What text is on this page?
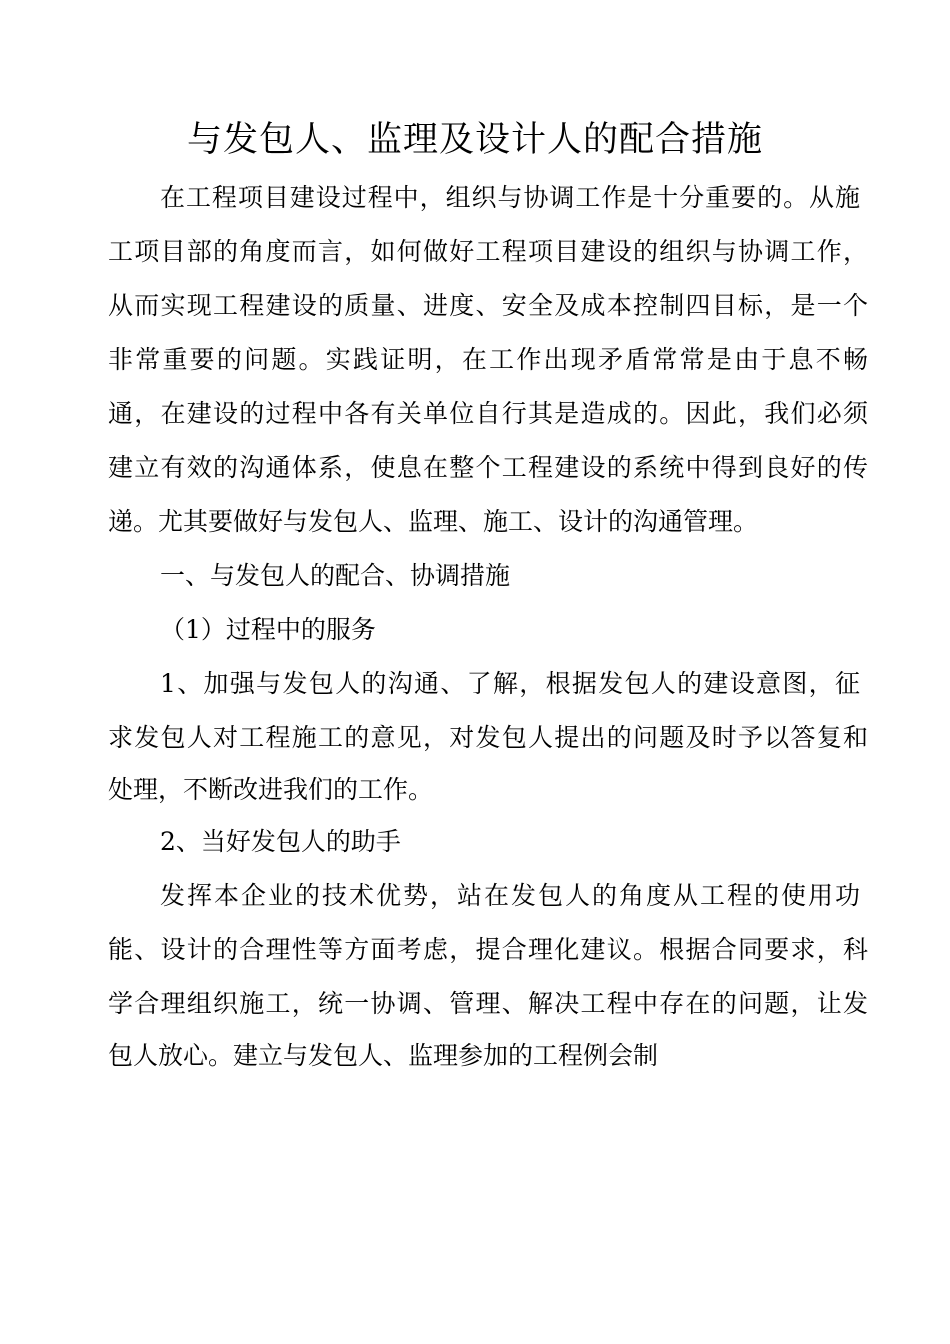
与发包人、监理及设计人的配合措施
在工程项目建设过程中，组织与协调工作是十分重要的。从施
工项目部的角度而言，如何做好工程项目建设的组织与协调工作，
从而实现工程建设的质量、进度、安全及成本控制四目标，是一个
非常重要的问题。实践证明，在工作出现矛盾常常是由于息不畅
通，在建设的过程中各有关单位自行其是造成的。因此，我们必须
建立有效的沟通体系，使息在整个工程建设的系统中得到良好的传
递。尤其要做好与发包人、监理、施工、设计的沟通管理。
一、与发包人的配合、协调措施
（1）过程中的服务
1、加强与发包人的沟通、了解，根据发包人的建设意图，征
求发包人对工程施工的意见，对发包人提出的问题及时予以答复和
处理，不断改进我们的工作。
2、当好发包人的助手
发挥本企业的技术优势，站在发包人的角度从工程的使用功
能、设计的合理性等方面考虑，提合理化建议。根据合同要求，科
学合理组织施工，统一协调、管理、解决工程中存在的问题，让发
包人放心。建立与发包人、监理参加的工程例会制
